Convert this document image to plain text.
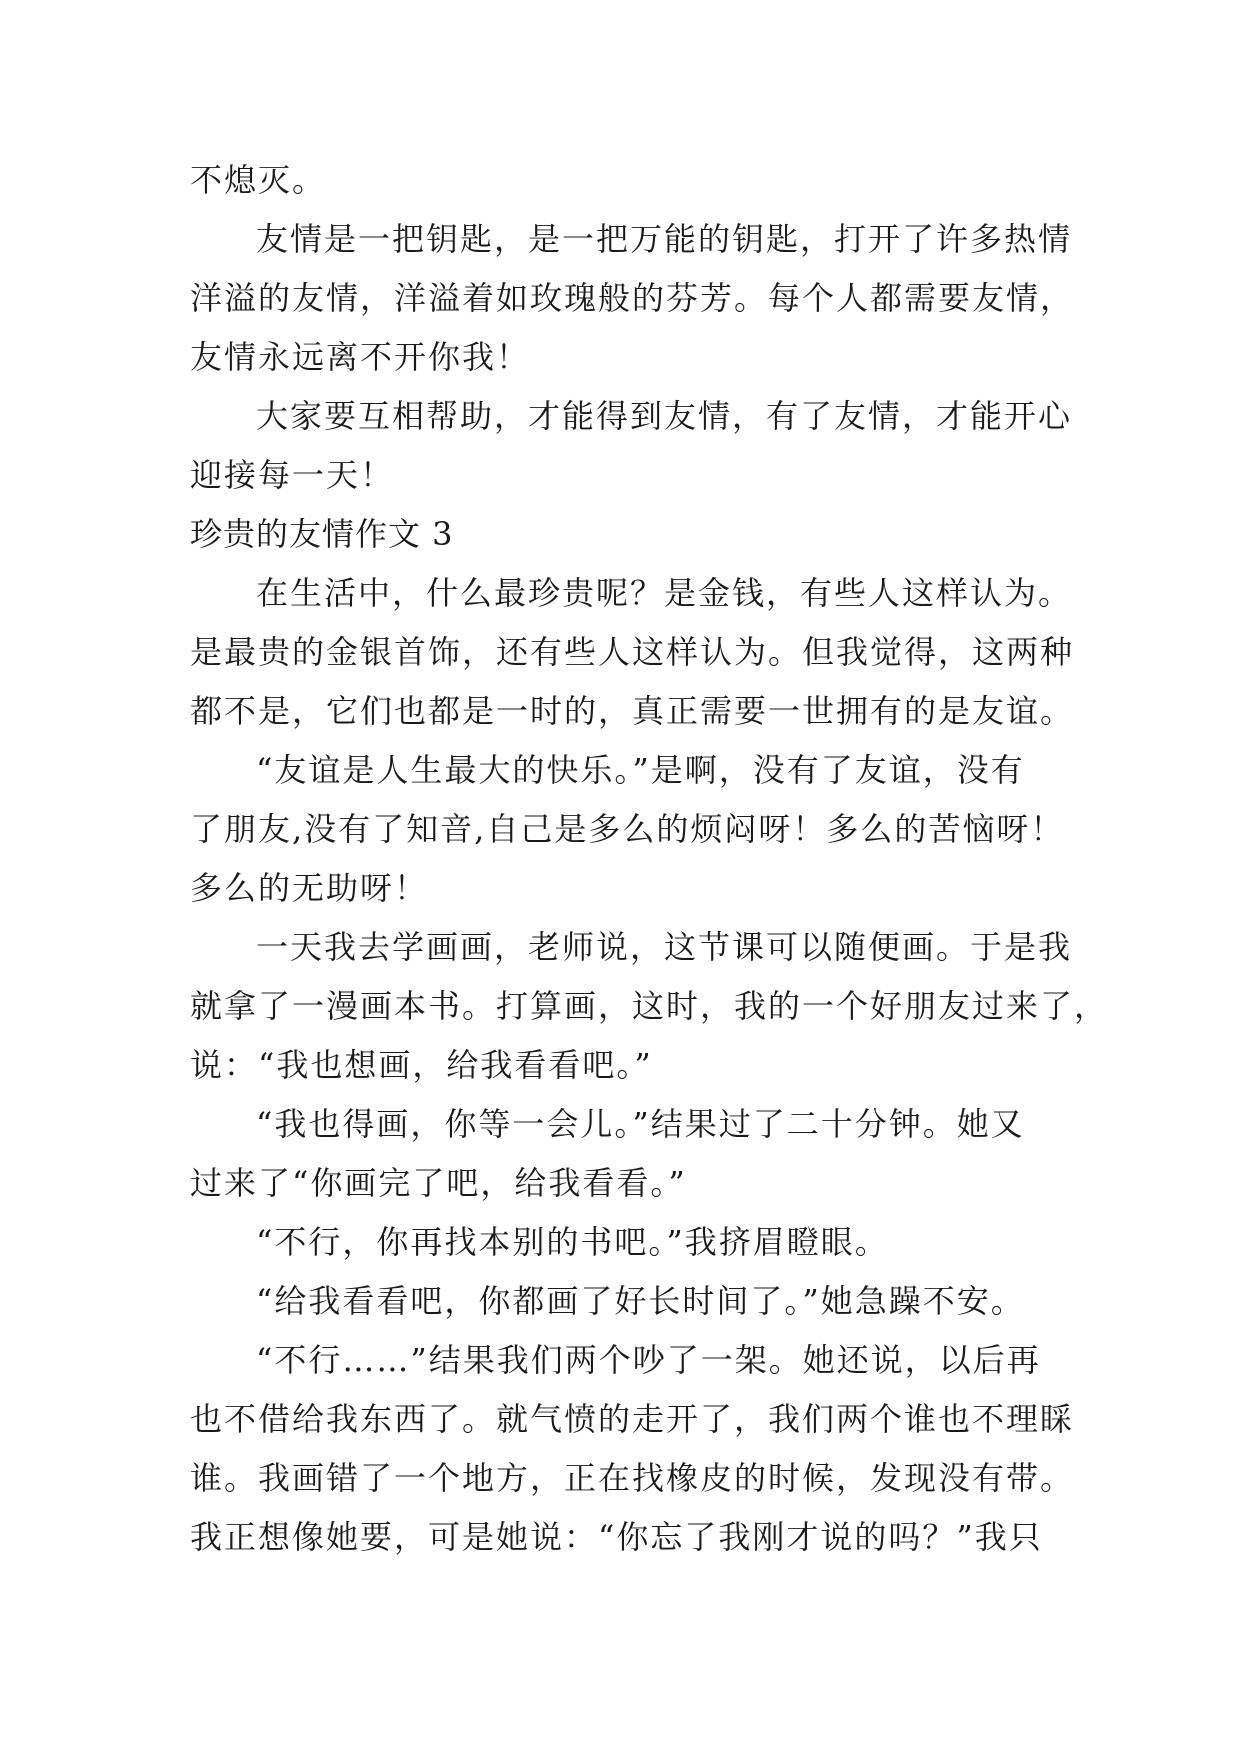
不熄灭。
友情是一把钥匙，是一把万能的钥匙，打开了许多热情
洋溢的友情，洋溢着如玫瑰般的芬芳。每个人都需要友情，
友情永远离不开你我！
大家要互相帮助，才能得到友情，有了友情，才能开心
迎接每一天！
珍贵的友情作文 3
在生活中，什么最珍贵呢？是金钱，有些人这样认为。
是最贵的金银首饰，还有些人这样认为。但我觉得，这两种
都不是，它们也都是一时的，真正需要一世拥有的是友谊。
“友谊是人生最大的快乐。”是啊，没有了友谊，没有
了朋友,没有了知音,自己是多么的烦闷呀！多么的苦恼呀！
多么的无助呀！
一天我去学画画，老师说，这节课可以随便画。于是我
就拿了一漫画本书。打算画，这时，我的一个好朋友过来了，
说：“我也想画，给我看看吧。”
“我也得画，你等一会儿。”结果过了二十分钟。她又
过来了“你画完了吧，给我看看。”
“不行，你再找本别的书吧。”我挤眉瞪眼。
“给我看看吧，你都画了好长时间了。”她急躁不安。
“不行……”结果我们两个吵了一架。她还说，以后再
也不借给我东西了。就气愤的走开了，我们两个谁也不理睬
谁。我画错了一个地方，正在找橡皮的时候，发现没有带。
我正想像她要，可是她说：“你忘了我刚才说的吗？”我只
